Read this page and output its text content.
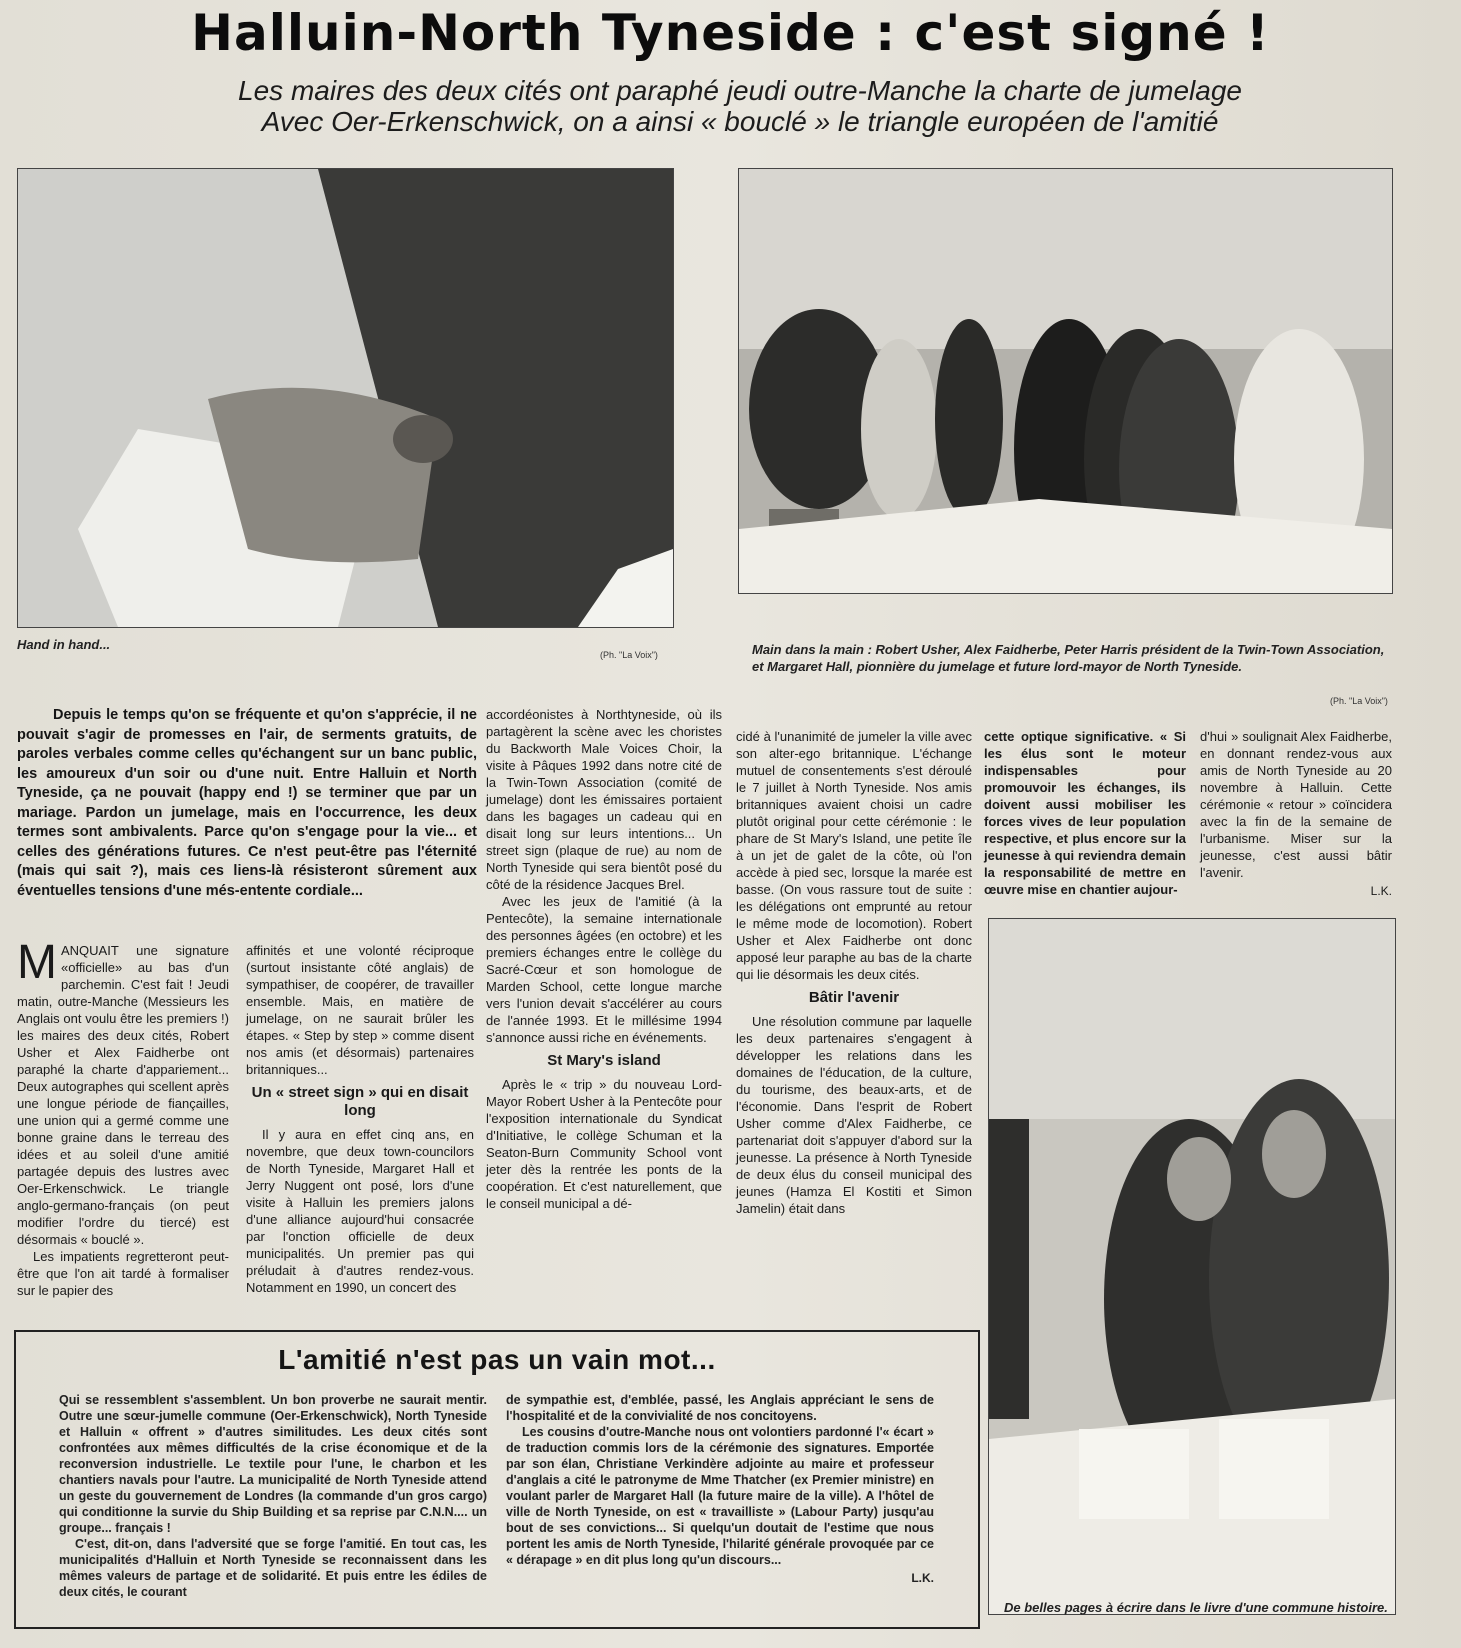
Halluin-North Tyneside : c'est signé !
Les maires des deux cités ont paraphé jeudi outre-Manche la charte de jumelage
Avec Oer-Erkenschwick, on a ainsi « bouclé » le triangle européen de l'amitié
Hand in hand...
(Ph. "La Voix")	Main dans la main : Robert Usher, Alex Faidherbe, Peter Harris président de la Twin-Town Association, et Margaret Hall, pionnière du jumelage et future lord-mayor de North Tyneside.
(Ph. "La Voix")

Depuis le temps qu'on se fréquente et qu'on s'apprécie, il ne pouvait s'agir de promesses en l'air, de serments gratuits, de paroles verbales comme celles qu'échangent sur un banc public, les amoureux d'un soir ou d'une nuit. Entre Halluin et North Tyneside, ça ne pouvait (happy end !) se terminer que par un mariage. Pardon un jumelage, mais en l'occurrence, les deux termes sont ambivalents. Parce qu'on s'engage pour la vie... et celles des générations futures. Ce n'est peut-être pas l'éternité (mais qui sait ?), mais ces liens-là résisteront sûrement aux éventuelles tensions d'une més-entente cordiale...

MANQUAIT une signature «officielle» au bas d'un parchemin. C'est fait ! Jeudi matin, outre-Manche (Messieurs les Anglais ont voulu être les premiers !) les maires des deux cités, Robert Usher et Alex Faidherbe ont paraphé la charte d'appariement... Deux autographes qui scellent après une longue période de fiançailles, une union qui a germé comme une bonne graine dans le terreau des idées et au soleil d'une amitié partagée depuis des lustres avec Oer-Erkenschwick. Le triangle anglo-germano-français (on peut modifier l'ordre du tiercé) est désormais « bouclé ».

Les impatients regretteront peut-être que l'on ait tardé à formaliser sur le papier des

affinités et une volonté réciproque (surtout insistante côté anglais) de sympathiser, de coopérer, de travailler ensemble. Mais, en matière de jumelage, on ne saurait brûler les étapes. « Step by step » comme disent nos amis (et désormais) partenaires britanniques...

Un « street sign » qui en disait long

Il y aura en effet cinq ans, en novembre, que deux town-councilors de North Tyneside, Margaret Hall et Jerry Nuggent ont posé, lors d'une visite à Halluin les premiers jalons d'une alliance aujourd'hui consacrée par l'onction officielle de deux municipalités. Un premier pas qui préludait à d'autres rendez-vous. Notamment en 1990, un concert des

accordéonistes à Northtyneside, où ils partagèrent la scène avec les choristes du Backworth Male Voices Choir, la visite à Pâques 1992 dans notre cité de la Twin-Town Association (comité de jumelage) dont les émissaires portaient dans les bagages un cadeau qui en disait long sur leurs intentions... Un street sign (plaque de rue) au nom de North Tyneside qui sera bientôt posé du côté de la résidence Jacques Brel.

Avec les jeux de l'amitié (à la Pentecôte), la semaine internationale des personnes âgées (en octobre) et les premiers échanges entre le collège du Sacré-Cœur et son homologue de Marden School, cette longue marche vers l'union devait s'accélérer au cours de l'année 1993. Et le millésime 1994 s'annonce aussi riche en événements.

St Mary's island

Après le « trip » du nouveau Lord-Mayor Robert Usher à la Pentecôte pour l'exposition internationale du Syndicat d'Initiative, le collège Schuman et la Seaton-Burn Community School vont jeter dès la rentrée les ponts de la coopération. Et c'est naturellement, que le conseil municipal a dé-

cidé à l'unanimité de jumeler la ville avec son alter-ego britannique. L'échange mutuel de consentements s'est déroulé le 7 juillet à North Tyneside. Nos amis britanniques avaient choisi un cadre plutôt original pour cette cérémonie : le phare de St Mary's Island, une petite île à un jet de galet de la côte, où l'on accède à pied sec, lorsque la marée est basse. (On vous rassure tout de suite : les délégations ont emprunté au retour le même mode de locomotion). Robert Usher et Alex Faidherbe ont donc apposé leur paraphe au bas de la charte qui lie désormais les deux cités.

Bâtir l'avenir

Une résolution commune par laquelle les deux partenaires s'engagent à développer les relations dans les domaines de l'éducation, de la culture, du tourisme, des beaux-arts, et de l'économie. Dans l'esprit de Robert Usher comme d'Alex Faidherbe, ce partenariat doit s'appuyer d'abord sur la jeunesse. La présence à North Tyneside de deux élus du conseil municipal des jeunes (Hamza El Kostiti et Simon Jamelin) était dans

cette optique significative. « Si les élus sont le moteur indispensables pour promouvoir les échanges, ils doivent aussi mobiliser les forces vives de leur population respective, et plus encore sur la jeunesse à qui reviendra demain la responsabilité de mettre en œuvre mise en chantier aujour-

d'hui » soulignait Alex Faidherbe, en donnant rendez-vous aux amis de North Tyneside au 20 novembre à Halluin. Cette cérémonie « retour » coïncidera avec la fin de la semaine de l'urbanisme. Miser sur la jeunesse, c'est aussi bâtir l'avenir.

L.K.
De belles pages à écrire dans le livre d'une commune histoire.
L'amitié n'est pas un vain mot...

Qui se ressemblent s'assemblent. Un bon proverbe ne saurait mentir. Outre une sœur-jumelle commune (Oer-Erkenschwick), North Tyneside et Halluin « offrent » d'autres similitudes. Les deux cités sont confrontées aux mêmes difficultés de la crise économique et de la reconversion industrielle. Le textile pour l'une, le charbon et les chantiers navals pour l'autre. La municipalité de North Tyneside attend un geste du gouvernement de Londres (la commande d'un gros cargo) qui conditionne la survie du Ship Building et sa reprise par C.N.N.... un groupe... français !

C'est, dit-on, dans l'adversité que se forge l'amitié. En tout cas, les municipalités d'Halluin et North Tyneside se reconnaissent dans les mêmes valeurs de partage et de solidarité. Et puis entre les édiles de deux cités, le courant

de sympathie est, d'emblée, passé, les Anglais appréciant le sens de l'hospitalité et de la convivialité de nos concitoyens.

Les cousins d'outre-Manche nous ont volontiers pardonné l'« écart » de traduction commis lors de la cérémonie des signatures. Emportée par son élan, Christiane Verkindère adjointe au maire et professeur d'anglais a cité le patronyme de Mme Thatcher (ex Premier ministre) en voulant parler de Margaret Hall (la future maire de la ville). A l'hôtel de ville de North Tyneside, on est « travailliste » (Labour Party) jusqu'au bout de ses convictions... Si quelqu'un doutait de l'estime que nous portent les amis de North Tyneside, l'hilarité générale provoquée par ce « dérapage » en dit plus long qu'un discours...

L.K.
